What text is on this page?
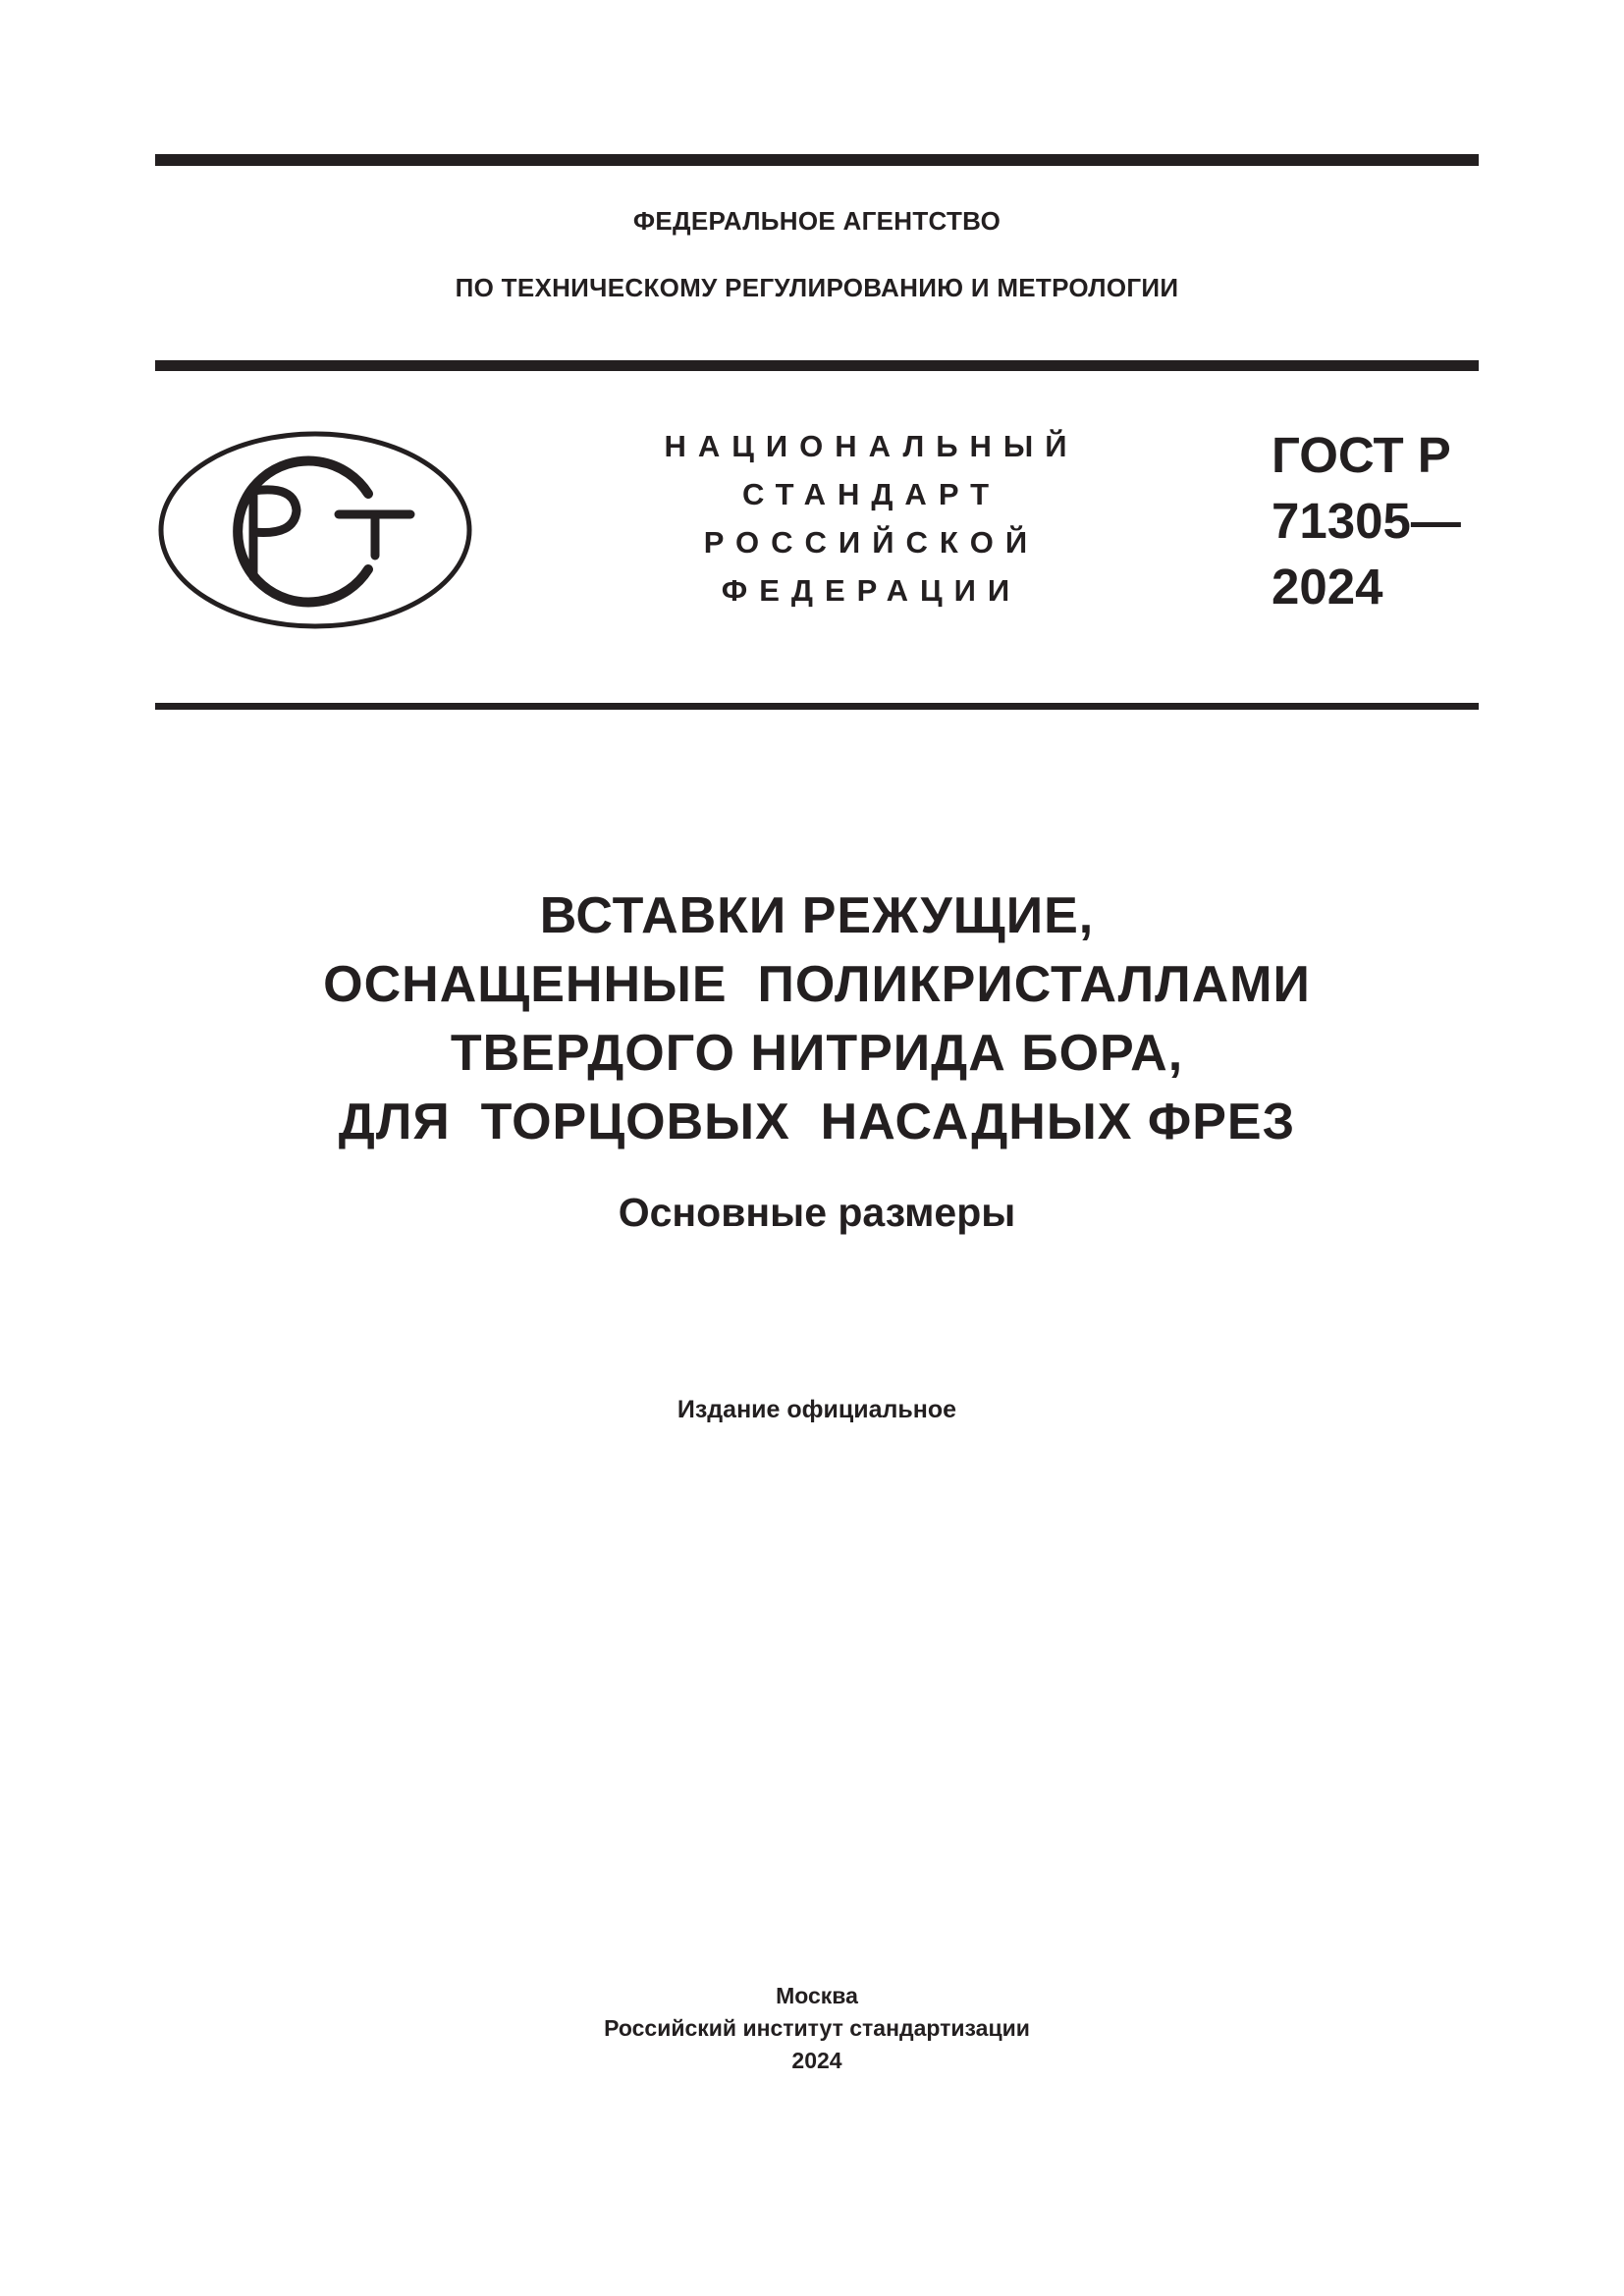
ФЕДЕРАЛЬНОЕ АГЕНТСТВО
ПО ТЕХНИЧЕСКОМУ РЕГУЛИРОВАНИЮ И МЕТРОЛОГИИ
НАЦИОНАЛЬНЫЙ
СТАНДАРТ
РОССИЙСКОЙ
ФЕДЕРАЦИИ
ГОСТ Р
71305—
2024
ВСТАВКИ РЕЖУЩИЕ,
ОСНАЩЕННЫЕ  ПОЛИКРИСТАЛЛАМИ
ТВЕРДОГО НИТРИДА БОРА,
ДЛЯ  ТОРЦОВЫХ  НАСАДНЫХ ФРЕЗ
Основные размеры
Издание официальное
Москва
Российский институт стандартизации
2024
